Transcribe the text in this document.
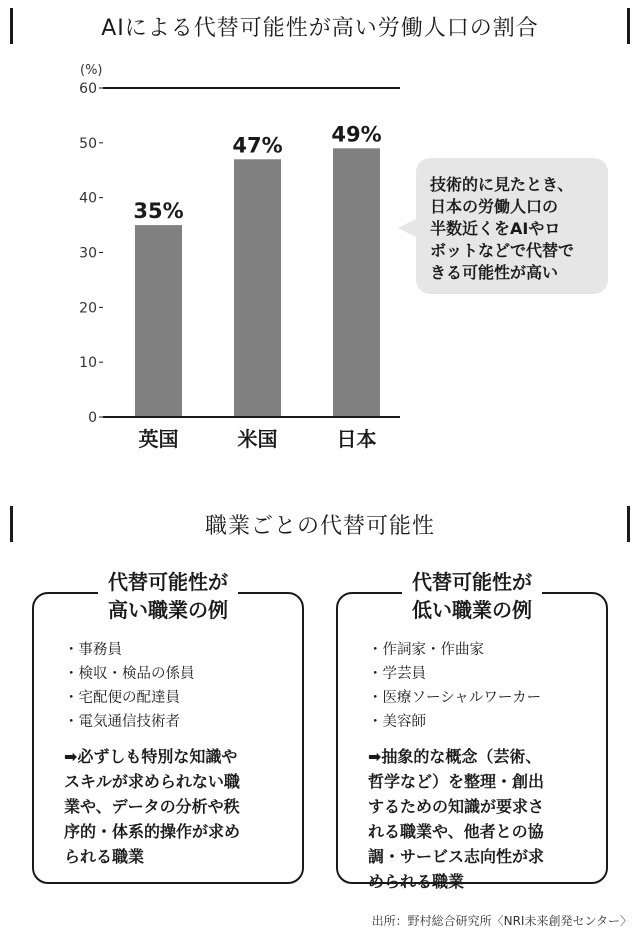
AIによる代替可能性が高い労働人口の割合
(%)
0
10
20
30
40
50
60
35%
英国
47%
米国
49%
日本
技術的に見たとき、
日本の労働人口の
半数近くをAIやロ
ボットなどで代替で
きる可能性が高い
職業ごとの代替可能性
代替可能性が
高い職業の例
・ 事務員
・ 検収・検品の係員
・ 宅配便の配達員
・ 電気通信技術者
➡必ずしも特別な知識や
スキルが求められない職
業や、データの分析や秩
序的・体系的操作が求め
られる職業
代替可能性が
低い職業の例
・ 作詞家・作曲家
・ 学芸員
・ 医療ソーシャルワーカー
・ 美容師
➡抽象的な概念（芸術、
哲学など）を整理・創出
するための知識が要求さ
れる職業や、他者との協
調・サービス志向性が求
められる職業
出所：野村総合研究所〈NRI未来創発センター〉
